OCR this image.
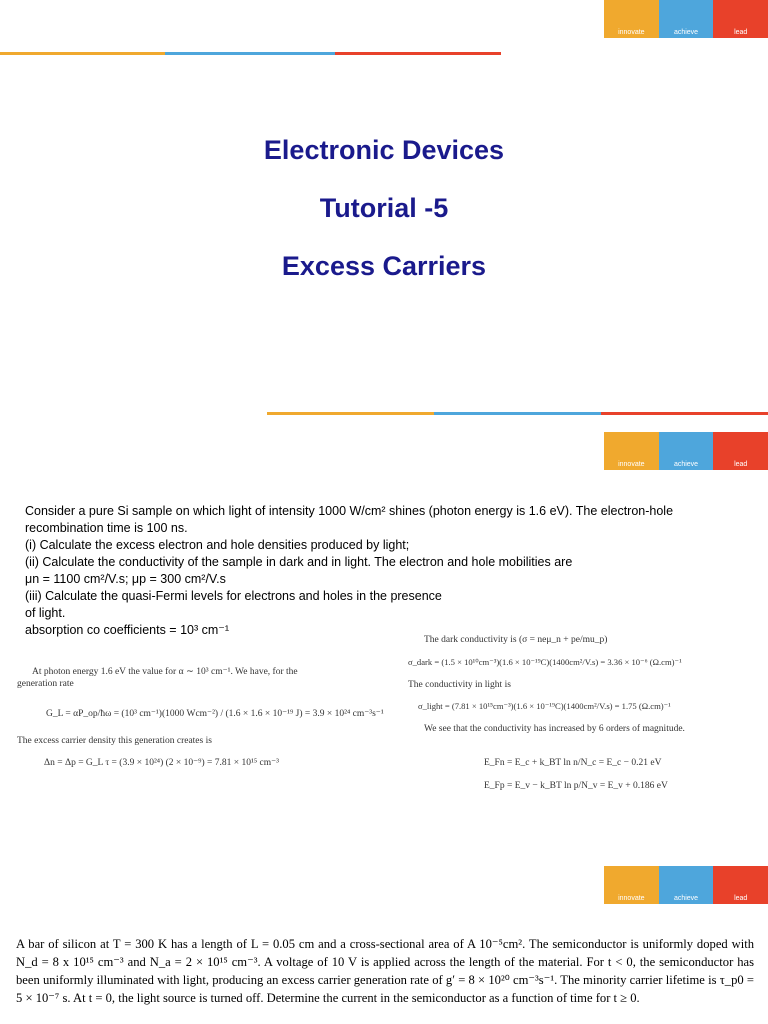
innovate	achieve	lead
Electronic Devices
Tutorial -5
Excess Carriers
innovate	achieve	lead
Consider a pure Si sample on which light of intensity 1000 W/cm² shines (photon energy is 1.6 eV). The electron-hole recombination time is 100 ns.
(i) Calculate the excess electron and hole densities produced by light;
(ii) Calculate the conductivity of the sample in dark and in light. The electron and hole mobilities are
μn = 1100 cm²/V.s; μp = 300 cm²/V.s
(iii) Calculate the quasi-Fermi levels for electrons and holes in the presence
of light.
absorption co coefficients = 10³ cm⁻¹
At photon energy 1.6 eV the value for α ∼ 10³ cm⁻¹. We have, for the
generation rate
G_L = αP_op/ħω = (10³ cm⁻¹)(1000 Wcm⁻²) / (1.6 × 1.6 × 10⁻¹⁹ J) = 3.9 × 10²⁴ cm⁻³s⁻¹
The excess carrier density this generation creates is
Δn = Δp = G_L τ = (3.9 × 10²⁴) (2 × 10⁻⁹) = 7.81 × 10¹⁵ cm⁻³
The dark conductivity is (σ = neμ_n + pe/mu_p)
σ_dark = (1.5 × 10¹⁰cm⁻³)(1.6 × 10⁻¹⁹C)(1400cm²/V.s) = 3.36 × 10⁻⁶ (Ω.cm)⁻¹
The conductivity in light is
σ_light = (7.81 × 10¹⁵cm⁻³)(1.6 × 10⁻¹⁹C)(1400cm²/V.s) = 1.75 (Ω.cm)⁻¹
We see that the conductivity has increased by 6 orders of magnitude.
E_Fn = E_c + k_BT ln n/N_c = E_c − 0.21 eV
E_Fp = E_v − k_BT ln p/N_v = E_v + 0.186 eV
innovate	achieve	lead
A bar of silicon at T = 300 K has a length of L = 0.05 cm and a cross-sectional area of A 10⁻⁵cm². The semiconductor is uniformly doped with N_d = 8 x 10¹⁵ cm⁻³ and N_a = 2 × 10¹⁵ cm⁻³. A voltage of 10 V is applied across the length of the material. For t < 0, the semiconductor has been uniformly illuminated with light, producing an excess carrier generation rate of g′ = 8 × 10²⁰ cm⁻³s⁻¹. The minority carrier lifetime is τ_p0 = 5 × 10⁻⁷ s. At t = 0, the light source is turned off. Determine the current in the semiconductor as a function of time for t ≥ 0.
